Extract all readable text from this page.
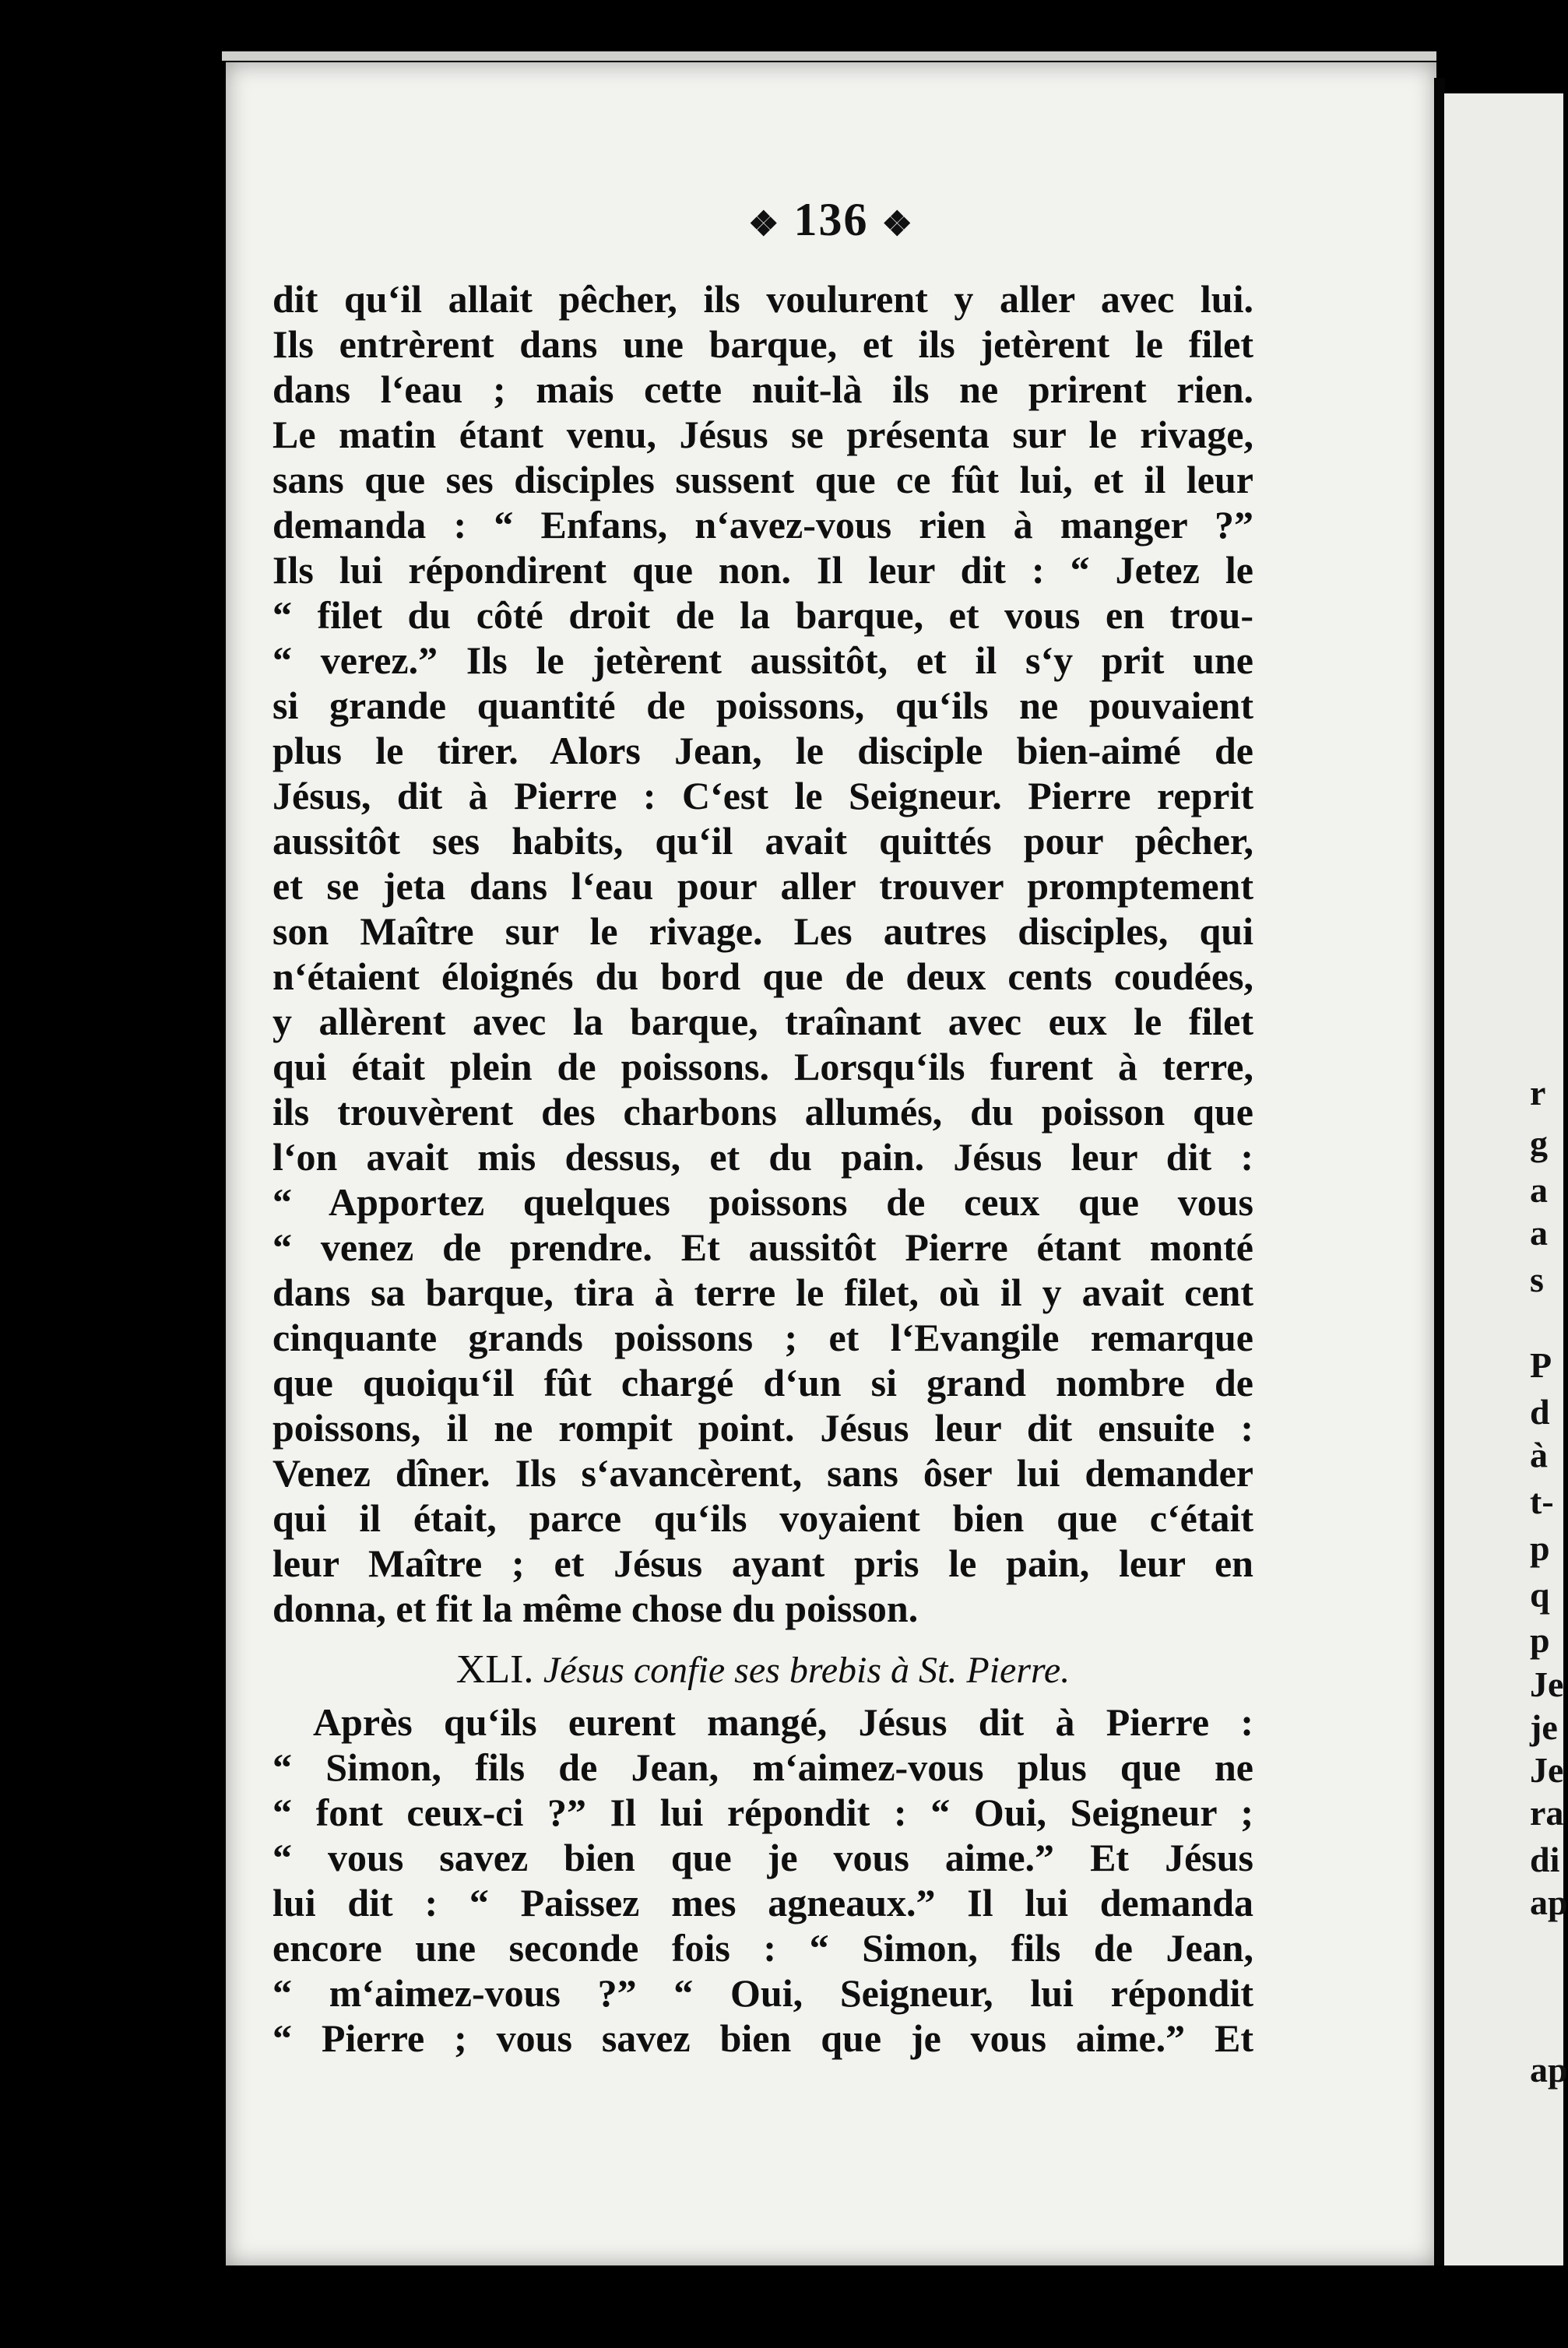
❖ 136 ❖
dit qu‘il allait pêcher, ils voulurent y aller avec lui.
Ils entrèrent dans une barque, et ils jetèrent le filet
dans l‘eau ; mais cette nuit-là ils ne prirent rien.
Le matin étant venu, Jésus se présenta sur le rivage,
sans que ses disciples sussent que ce fût lui, et il leur
demanda : “ Enfans, n‘avez-vous rien à manger ?”
Ils lui répondirent que non. Il leur dit : “ Jetez le
“ filet du côté droit de la barque, et vous en trou-
“ verez.” Ils le jetèrent aussitôt, et il s‘y prit une
si grande quantité de poissons, qu‘ils ne pouvaient
plus le tirer. Alors Jean, le disciple bien-aimé de
Jésus, dit à Pierre : C‘est le Seigneur. Pierre reprit
aussitôt ses habits, qu‘il avait quittés pour pêcher,
et se jeta dans l‘eau pour aller trouver promptement
son Maître sur le rivage. Les autres disciples, qui
n‘étaient éloignés du bord que de deux cents coudées,
y allèrent avec la barque, traînant avec eux le filet
qui était plein de poissons. Lorsqu‘ils furent à terre,
ils trouvèrent des charbons allumés, du poisson que
l‘on avait mis dessus, et du pain. Jésus leur dit :
“ Apportez quelques poissons de ceux que vous
“ venez de prendre. Et aussitôt Pierre étant monté
dans sa barque, tira à terre le filet, où il y avait cent
cinquante grands poissons ; et l‘Evangile remarque
que quoiqu‘il fût chargé d‘un si grand nombre de
poissons, il ne rompit point. Jésus leur dit ensuite :
Venez dîner. Ils s‘avancèrent, sans ôser lui demander
qui il était, parce qu‘ils voyaient bien que c‘était
leur Maître ; et Jésus ayant pris le pain, leur en
donna, et fit la même chose du poisson.
XLI. Jésus confie ses brebis à St. Pierre.
Après qu‘ils eurent mangé, Jésus dit à Pierre :
“ Simon, fils de Jean, m‘aimez-vous plus que ne
“ font ceux-ci ?” Il lui répondit : “ Oui, Seigneur ;
“ vous savez bien que je vous aime.” Et Jésus
lui dit : “ Paissez mes agneaux.” Il lui demanda
encore une seconde fois : “ Simon, fils de Jean,
“ m‘aimez-vous ?” “ Oui, Seigneur, lui répondit
“ Pierre ; vous savez bien que je vous aime.” Et
r
g
a
a
s
P
d
à
t-
p
q
p
Je
je
Je
ra
di
ap
ap
